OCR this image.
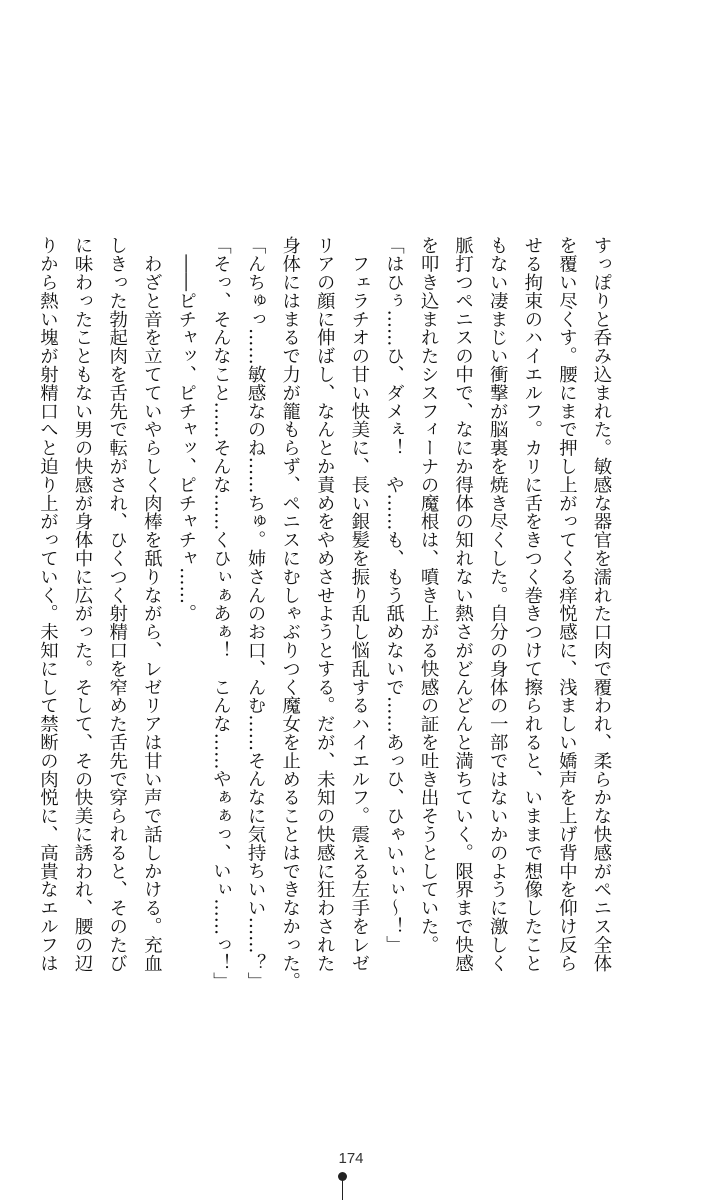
すっぽりと呑み込まれた。敏感な器官を濡れた口肉で覆われ、柔らかな快感がペニス全体

を覆い尽くす。腰にまで押し上がってくる痒悦感に、浅ましい嬌声を上げ背中を仰け反ら

せる拘束のハイエルフ。カリに舌をきつく巻きつけて擦られると、いままで想像したこと

もない凄まじい衝撃が脳裏を焼き尽くした。自分の身体の一部ではないかのように激しく

脈打つペニスの中で、なにか得体の知れない熱さがどんどんと満ちていく。限界まで快感

を叩き込まれたシスフィーナの魔根は、噴き上がる快感の証を吐き出そうとしていた。

「はひぅ……ひ、ダメぇ！　や……も、もう舐めないで……あっひ、ひゃいぃぃ～！」

　フェラチオの甘い快美に、長い銀髪を振り乱し悩乱するハイエルフ。震える左手をレゼ

リアの顔に伸ばし、なんとか責めをやめさせようとする。だが、未知の快感に狂わされた

身体にはまるで力が籠もらず、ペニスにむしゃぶりつく魔女を止めることはできなかった。

「んちゅっ……敏感なのね……ちゅ。姉さんのお口、んむ……そんなに気持ちいい……？」

「そっ、そんなこと……そんな……くひぃぁあぁ！　こんな……やぁぁっ、いぃ……っ！」

　――ピチャッ、ピチャッ、ピチャチャ……。

　わざと音を立てていやらしく肉棒を舐りながら、レゼリアは甘い声で話しかける。充血

しきった勃起肉を舌先で転がされ、ひくつく射精口を窄めた舌先で穿られると、そのたび

に味わったこともない男の快感が身体中に広がった。そして、その快美に誘われ、腰の辺

りから熱い塊が射精口へと迫り上がっていく。未知にして禁断の肉悦に、高貴なエルフは

174
